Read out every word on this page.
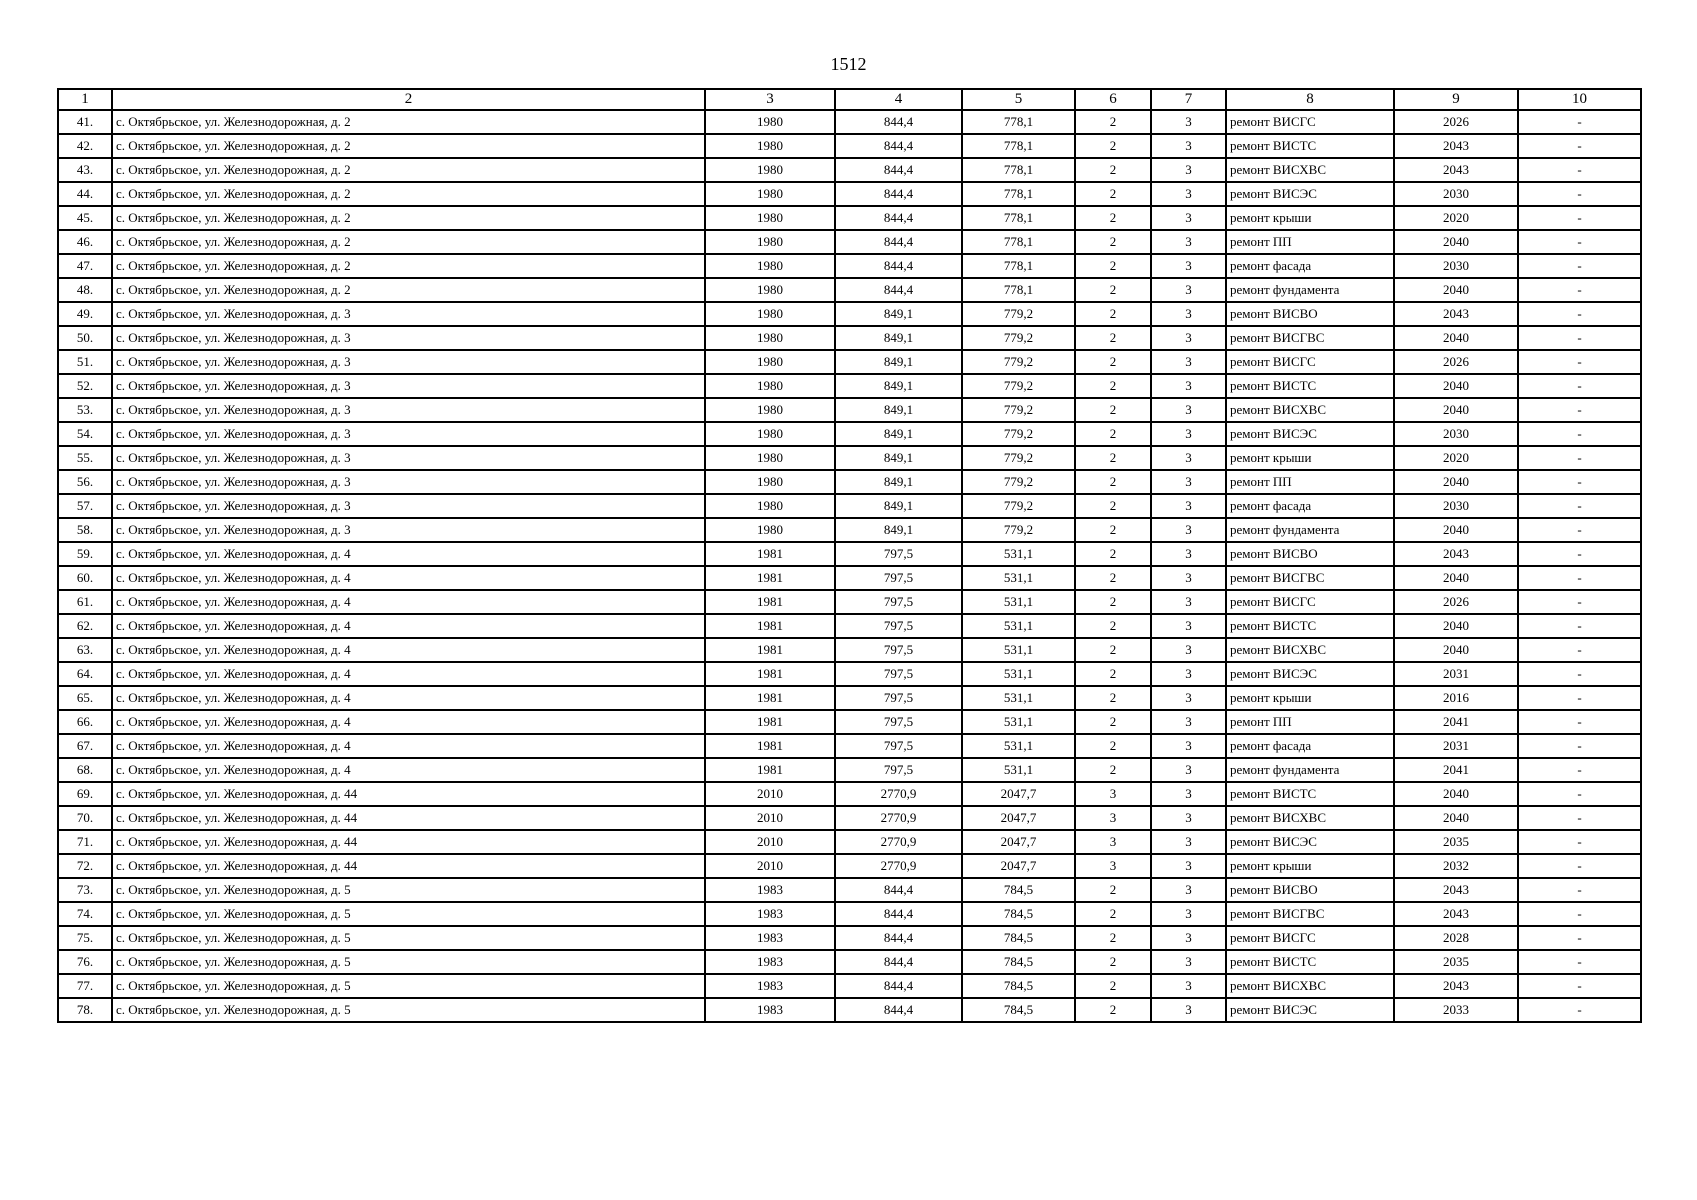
1512
1	2	3	4	5	6	7	8	9	10
41.	с. Октябрьское, ул. Железнодорожная, д. 2	1980	844,4	778,1	2	3	ремонт ВИСГС	2026	-
42.	с. Октябрьское, ул. Железнодорожная, д. 2	1980	844,4	778,1	2	3	ремонт ВИСТС	2043	-
43.	с. Октябрьское, ул. Железнодорожная, д. 2	1980	844,4	778,1	2	3	ремонт ВИСХВС	2043	-
44.	с. Октябрьское, ул. Железнодорожная, д. 2	1980	844,4	778,1	2	3	ремонт ВИСЭС	2030	-
45.	с. Октябрьское, ул. Железнодорожная, д. 2	1980	844,4	778,1	2	3	ремонт крыши	2020	-
46.	с. Октябрьское, ул. Железнодорожная, д. 2	1980	844,4	778,1	2	3	ремонт ПП	2040	-
47.	с. Октябрьское, ул. Железнодорожная, д. 2	1980	844,4	778,1	2	3	ремонт фасада	2030	-
48.	с. Октябрьское, ул. Железнодорожная, д. 2	1980	844,4	778,1	2	3	ремонт фундамента	2040	-
49.	с. Октябрьское, ул. Железнодорожная, д. 3	1980	849,1	779,2	2	3	ремонт ВИСВО	2043	-
50.	с. Октябрьское, ул. Железнодорожная, д. 3	1980	849,1	779,2	2	3	ремонт ВИСГВС	2040	-
51.	с. Октябрьское, ул. Железнодорожная, д. 3	1980	849,1	779,2	2	3	ремонт ВИСГС	2026	-
52.	с. Октябрьское, ул. Железнодорожная, д. 3	1980	849,1	779,2	2	3	ремонт ВИСТС	2040	-
53.	с. Октябрьское, ул. Железнодорожная, д. 3	1980	849,1	779,2	2	3	ремонт ВИСХВС	2040	-
54.	с. Октябрьское, ул. Железнодорожная, д. 3	1980	849,1	779,2	2	3	ремонт ВИСЭС	2030	-
55.	с. Октябрьское, ул. Железнодорожная, д. 3	1980	849,1	779,2	2	3	ремонт крыши	2020	-
56.	с. Октябрьское, ул. Железнодорожная, д. 3	1980	849,1	779,2	2	3	ремонт ПП	2040	-
57.	с. Октябрьское, ул. Железнодорожная, д. 3	1980	849,1	779,2	2	3	ремонт фасада	2030	-
58.	с. Октябрьское, ул. Железнодорожная, д. 3	1980	849,1	779,2	2	3	ремонт фундамента	2040	-
59.	с. Октябрьское, ул. Железнодорожная, д. 4	1981	797,5	531,1	2	3	ремонт ВИСВО	2043	-
60.	с. Октябрьское, ул. Железнодорожная, д. 4	1981	797,5	531,1	2	3	ремонт ВИСГВС	2040	-
61.	с. Октябрьское, ул. Железнодорожная, д. 4	1981	797,5	531,1	2	3	ремонт ВИСГС	2026	-
62.	с. Октябрьское, ул. Железнодорожная, д. 4	1981	797,5	531,1	2	3	ремонт ВИСТС	2040	-
63.	с. Октябрьское, ул. Железнодорожная, д. 4	1981	797,5	531,1	2	3	ремонт ВИСХВС	2040	-
64.	с. Октябрьское, ул. Железнодорожная, д. 4	1981	797,5	531,1	2	3	ремонт ВИСЭС	2031	-
65.	с. Октябрьское, ул. Железнодорожная, д. 4	1981	797,5	531,1	2	3	ремонт крыши	2016	-
66.	с. Октябрьское, ул. Железнодорожная, д. 4	1981	797,5	531,1	2	3	ремонт ПП	2041	-
67.	с. Октябрьское, ул. Железнодорожная, д. 4	1981	797,5	531,1	2	3	ремонт фасада	2031	-
68.	с. Октябрьское, ул. Железнодорожная, д. 4	1981	797,5	531,1	2	3	ремонт фундамента	2041	-
69.	с. Октябрьское, ул. Железнодорожная, д. 44	2010	2770,9	2047,7	3	3	ремонт ВИСТС	2040	-
70.	с. Октябрьское, ул. Железнодорожная, д. 44	2010	2770,9	2047,7	3	3	ремонт ВИСХВС	2040	-
71.	с. Октябрьское, ул. Железнодорожная, д. 44	2010	2770,9	2047,7	3	3	ремонт ВИСЭС	2035	-
72.	с. Октябрьское, ул. Железнодорожная, д. 44	2010	2770,9	2047,7	3	3	ремонт крыши	2032	-
73.	с. Октябрьское, ул. Железнодорожная, д. 5	1983	844,4	784,5	2	3	ремонт ВИСВО	2043	-
74.	с. Октябрьское, ул. Железнодорожная, д. 5	1983	844,4	784,5	2	3	ремонт ВИСГВС	2043	-
75.	с. Октябрьское, ул. Железнодорожная, д. 5	1983	844,4	784,5	2	3	ремонт ВИСГС	2028	-
76.	с. Октябрьское, ул. Железнодорожная, д. 5	1983	844,4	784,5	2	3	ремонт ВИСТС	2035	-
77.	с. Октябрьское, ул. Железнодорожная, д. 5	1983	844,4	784,5	2	3	ремонт ВИСХВС	2043	-
78.	с. Октябрьское, ул. Железнодорожная, д. 5	1983	844,4	784,5	2	3	ремонт ВИСЭС	2033	-
